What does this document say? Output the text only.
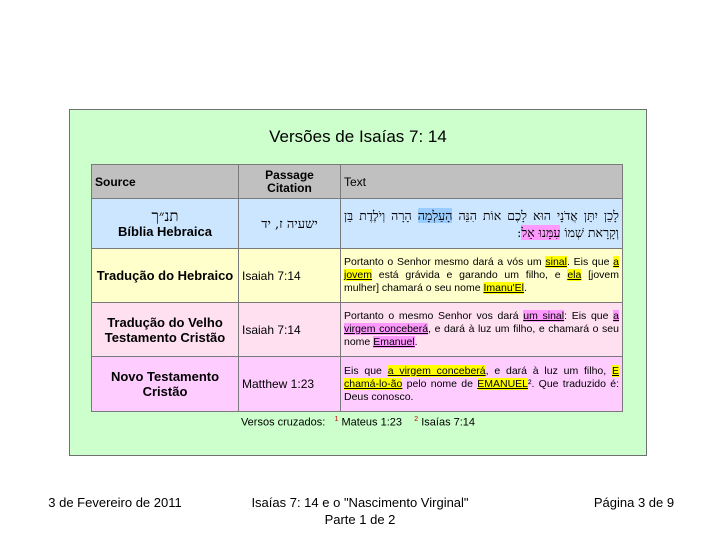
Versões de Isaías 7: 14
Source	Passage Citation	Text

תנ״ך
Bíblia Hebraica	ישעיה ז, יד	לָכֵן יִתֵּן אֲדֹנָי הוּא לָכֶם אוֹת הִנֵּה הָעַלְמָה הָרָה וְיֹלֶדֶת בֵּן וְקָרָאת שְׁמוֹ עִמָּנוּ אֵל:
Tradução do Hebraico	Isaiah 7:14	Portanto o Senhor mesmo dará a vós um sinal. Eis que a jovem está grávida e garando um filho, e ela [jovem mulher] chamará o seu nome Imanu'El.
Tradução do Velho Testamento Cristão	Isaiah 7:14	Portanto o mesmo Senhor vos dará um sinal: Eis que a virgem conceberá, e dará à luz um filho, e chamará o seu nome Emanuel.
Novo Testamento Cristão	Matthew 1:23	Eis que a virgem conceberá, e dará à luz um filho, E chamá-lo-ão pelo nome de EMANUEL². Que traduzido é: Deus conosco.
Versos cruzados: $^1$ Mateus 1:23 $^2$ Isaías 7:14
3 de Fevereiro de 2011	Isaías 7: 14 e o "Nascimento Virginal"
Parte 1 de 2
Página 3 de 9
